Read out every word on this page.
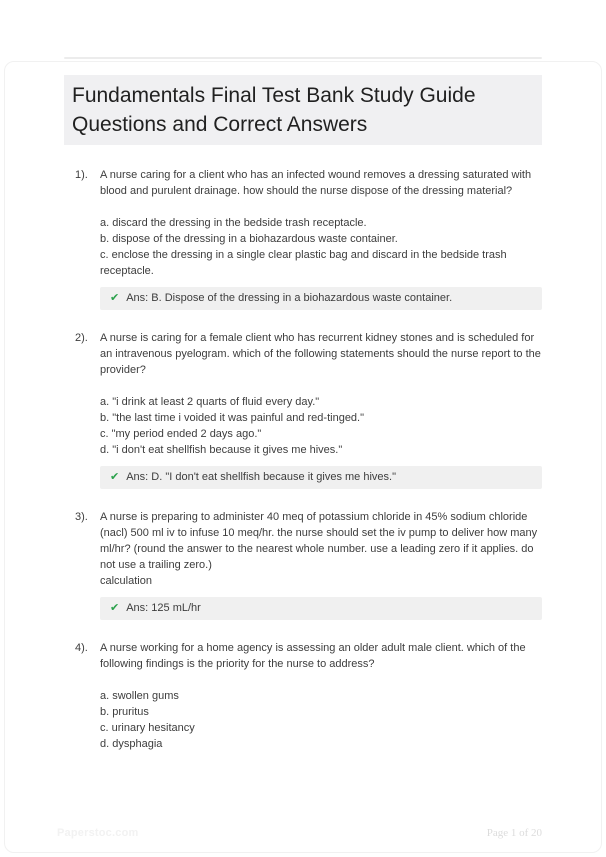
Fundamentals Final Test Bank Study Guide Questions and Correct Answers
1).	A nurse caring for a client who has an infected wound removes a dressing saturated with blood and purulent drainage. how should the nurse dispose of the dressing material?

a. discard the dressing in the bedside trash receptacle.
b. dispose of the dressing in a biohazardous waste container.
c. enclose the dressing in a single clear plastic bag and discard in the bedside trash receptacle.
✔ Ans: B. Dispose of the dressing in a biohazardous waste container.
2).	A nurse is caring for a female client who has recurrent kidney stones and is scheduled for an intravenous pyelogram. which of the following statements should the nurse report to the provider?

a. "i drink at least 2 quarts of fluid every day."
b. "the last time i voided it was painful and red-tinged."
c. "my period ended 2 days ago."
d. "i don't eat shellfish because it gives me hives."
✔ Ans: D. "I don't eat shellfish because it gives me hives."
3).	A nurse is preparing to administer 40 meq of potassium chloride in 45% sodium chloride (nacl) 500 ml iv to infuse 10 meq/hr. the nurse should set the iv pump to deliver how many ml/hr? (round the answer to the nearest whole number. use a leading zero if it applies. do not use a trailing zero.)

calculation

✔ Ans: 125 mL/hr
4).	A nurse working for a home agency is assessing an older adult male client. which of the following findings is the priority for the nurse to address?

a. swollen gums
b. pruritus
c. urinary hesitancy
d. dysphagia
Paperstoc.com	Page 1 of 20
